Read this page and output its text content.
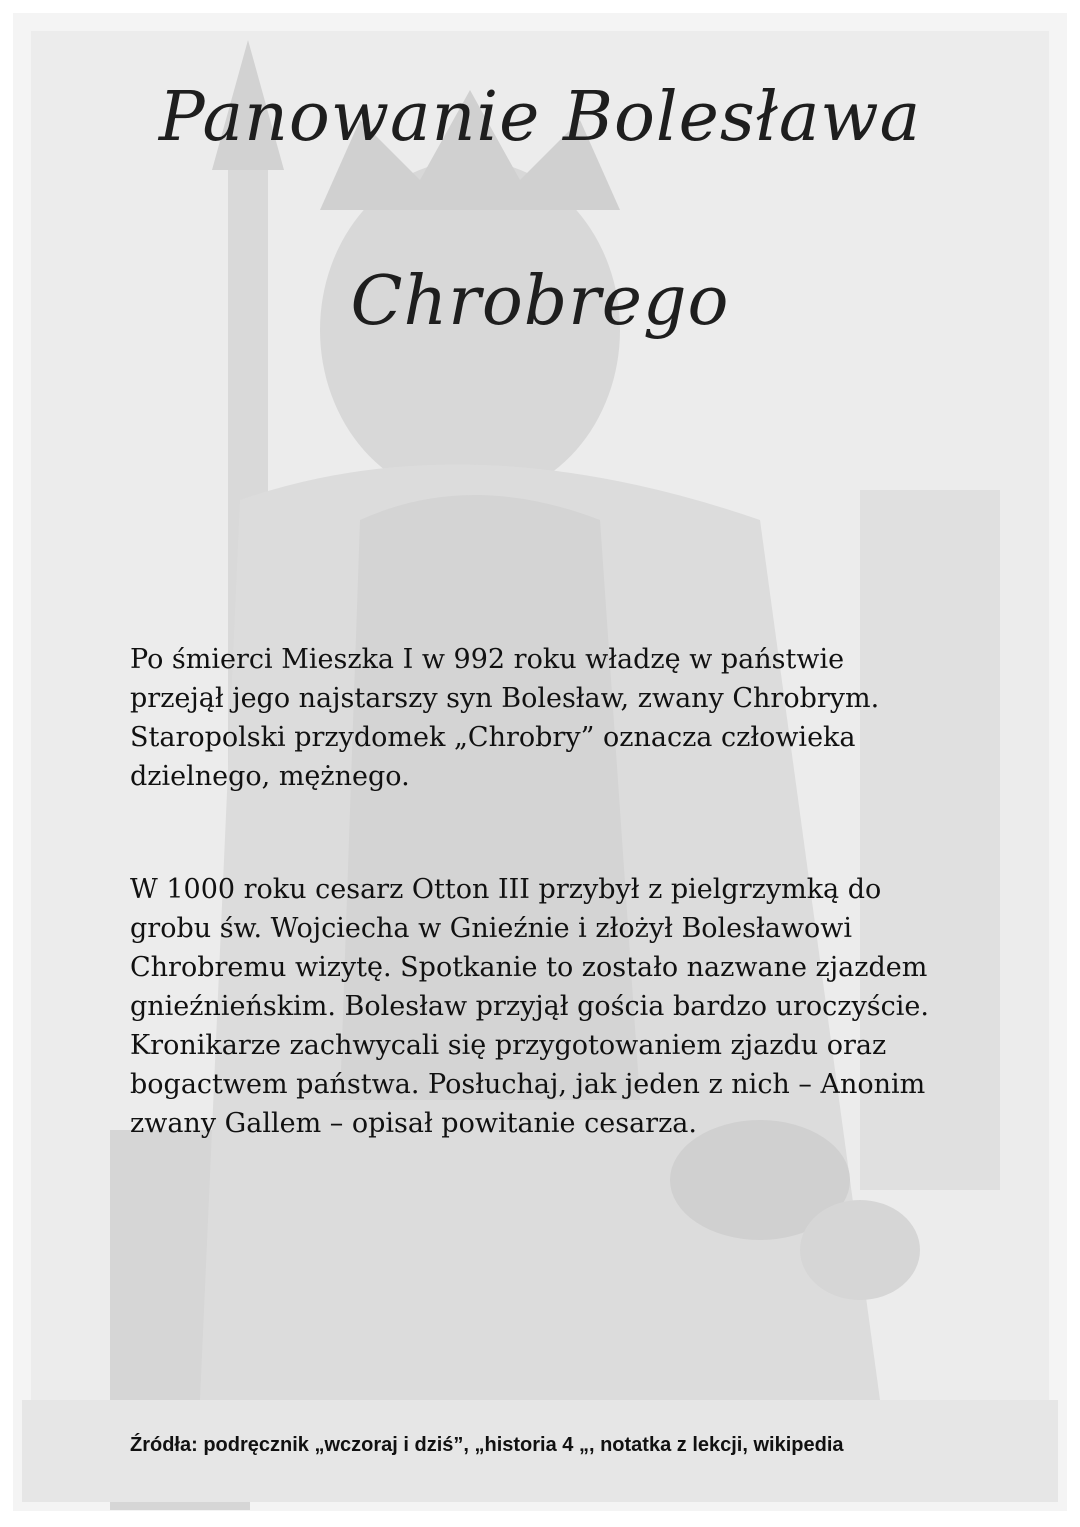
Panowanie Bolesława
Chrobrego

Po śmierci Mieszka I w 992 roku władzę w państwie
przejął jego najstarszy syn Bolesław, zwany Chrobrym.
Staropolski przydomek „Chrobry” oznacza człowieka
dzielnego, mężnego.

W 1000 roku cesarz Otton III przybył z pielgrzymką do
grobu św. Wojciecha w Gnieźnie i złożył Bolesławowi
Chrobremu wizytę. Spotkanie to zostało nazwane zjazdem
gnieźnieńskim. Bolesław przyjął gościa bardzo uroczyście.
Kronikarze zachwycali się przygotowaniem zjazdu oraz
bogactwem państwa. Posłuchaj, jak jeden z nich – Anonim
zwany Gallem – opisał powitanie cesarza.

Źródła: podręcznik „wczoraj i dziś”, „historia 4 „, notatka z lekcji, wikipedia
